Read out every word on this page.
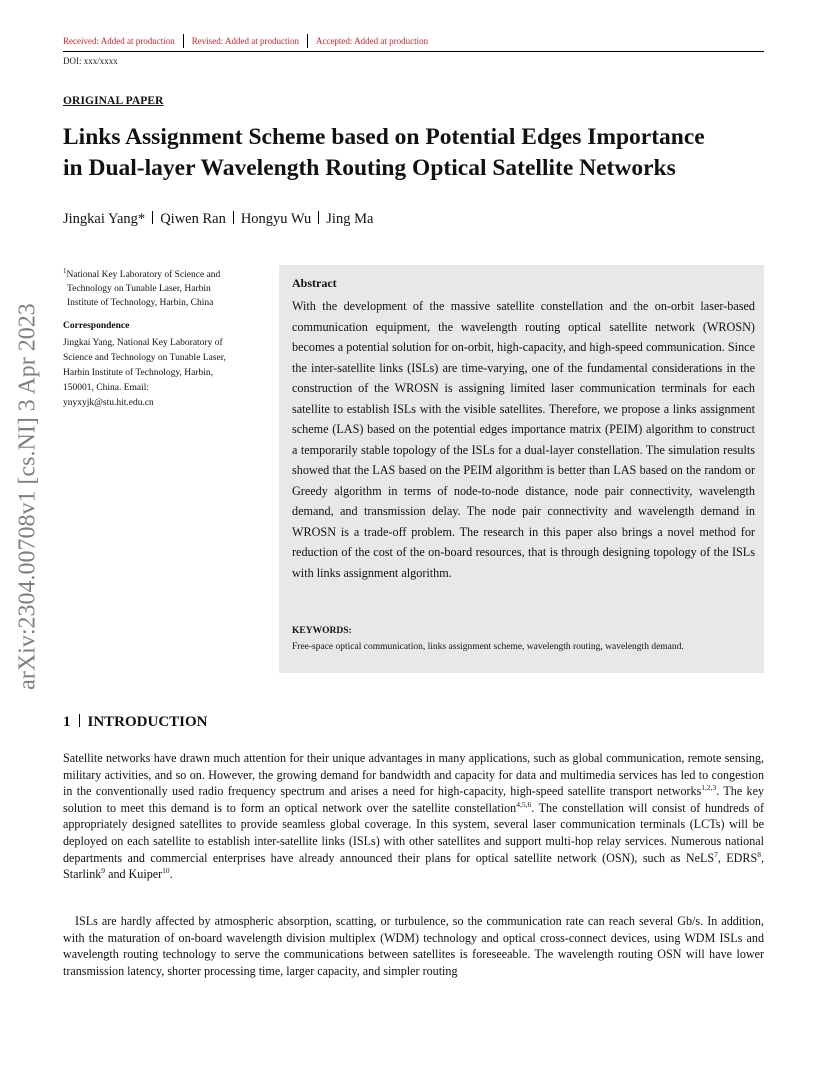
Received: Added at production Revised: Added at production Accepted: Added at production
DOI: xxx/xxxx
ORIGINAL PAPER
Links Assignment Scheme based on Potential Edges Importance
in Dual-layer Wavelength Routing Optical Satellite Networks
Jingkai Yang* Qiwen Ran Hongyu Wu Jing Ma
arXiv:2304.00708v1 [cs.NI] 3 Apr 2023
$^1$National Key Laboratory of Science and
Technology on Tunable Laser, Harbin
Institute of Technology, Harbin, China
Correspondence
Jingkai Yang, National Key Laboratory of
Science and Technology on Tunable Laser,
Harbin Institute of Technology, Harbin,
150001, China. Email:
ynyxyjk@stu.hit.edu.cn
Abstract
With the development of the massive satellite constellation and the on-orbit laser-based communication equipment, the wavelength routing optical satellite network (WROSN) becomes a potential solution for on-orbit, high-capacity, and high-speed communication. Since the inter-satellite links (ISLs) are time-varying, one of the fundamental considerations in the construction of the WROSN is assigning limited laser communication terminals for each satellite to establish ISLs with the visible satellites. Therefore, we propose a links assignment scheme (LAS) based on the potential edges importance matrix (PEIM) algorithm to construct a temporarily stable topology of the ISLs for a dual-layer constellation. The simulation results showed that the LAS based on the PEIM algorithm is better than LAS based on the random or Greedy algorithm in terms of node-to-node distance, node pair connectivity, wavelength demand, and transmission delay. The node pair connectivity and wavelength demand in WROSN is a trade-off problem. The research in this paper also brings a novel method for reduction of the cost of the on-board resources, that is through designing topology of the ISLs with links assignment algorithm.
KEYWORDS:
Free-space optical communication, links assignment scheme, wavelength routing, wavelength demand.
1 INTRODUCTION
Satellite networks have drawn much attention for their unique advantages in many applications, such as global communication, remote sensing, military activities, and so on. However, the growing demand for bandwidth and capacity for data and multimedia services has led to congestion in the conventionally used radio frequency spectrum and arises a need for high-capacity, high-speed satellite transport networks$^{1,2,3}$. The key solution to meet this demand is to form an optical network over the satellite constellation$^{4,5,6}$. The constellation will consist of hundreds of appropriately designed satellites to provide seamless global coverage. In this system, several laser communication terminals (LCTs) will be deployed on each satellite to establish inter-satellite links (ISLs) with other satellites and support multi-hop relay services. Numerous national departments and commercial enterprises have already announced their plans for optical satellite network (OSN), such as NeLS$^7$, EDRS$^8$, Starlink$^9$ and Kuiper$^{10}$.
ISLs are hardly affected by atmospheric absorption, scatting, or turbulence, so the communication rate can reach several Gb/s. In addition, with the maturation of on-board wavelength division multiplex (WDM) technology and optical cross-connect devices, using WDM ISLs and wavelength routing technology to serve the communications between satellites is foreseeable. The wavelength routing OSN will have lower transmission latency, shorter processing time, larger capacity, and simpler routing
